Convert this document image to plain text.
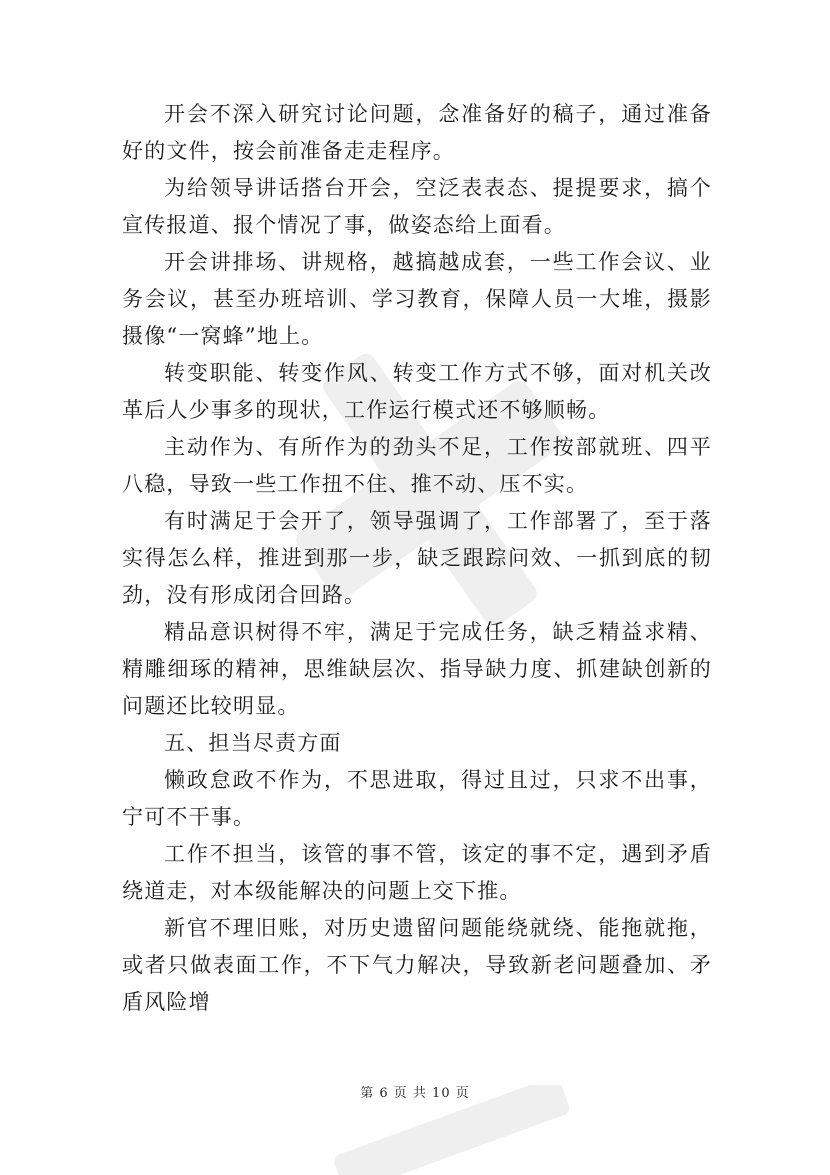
开会不深入研究讨论问题，念准备好的稿子，通过准备好的文件，按会前准备走走程序。

为给领导讲话搭台开会，空泛表表态、提提要求，搞个宣传报道、报个情况了事，做姿态给上面看。

开会讲排场、讲规格，越搞越成套，一些工作会议、业务会议，甚至办班培训、学习教育，保障人员一大堆，摄影摄像“一窝蜂”地上。

转变职能、转变作风、转变工作方式不够，面对机关改革后人少事多的现状，工作运行模式还不够顺畅。

主动作为、有所作为的劲头不足，工作按部就班、四平八稳，导致一些工作扭不住、推不动、压不实。

有时满足于会开了，领导强调了，工作部署了，至于落实得怎么样，推进到那一步，缺乏跟踪问效、一抓到底的韧劲，没有形成闭合回路。

精品意识树得不牢，满足于完成任务，缺乏精益求精、精雕细琢的精神，思维缺层次、指导缺力度、抓建缺创新的问题还比较明显。

五、担当尽责方面

懒政怠政不作为，不思进取，得过且过，只求不出事，宁可不干事。

工作不担当，该管的事不管，该定的事不定，遇到矛盾绕道走，对本级能解决的问题上交下推。

新官不理旧账，对历史遗留问题能绕就绕、能拖就拖，或者只做表面工作，不下气力解决，导致新老问题叠加、矛盾风险增

第 6 页 共 10 页
